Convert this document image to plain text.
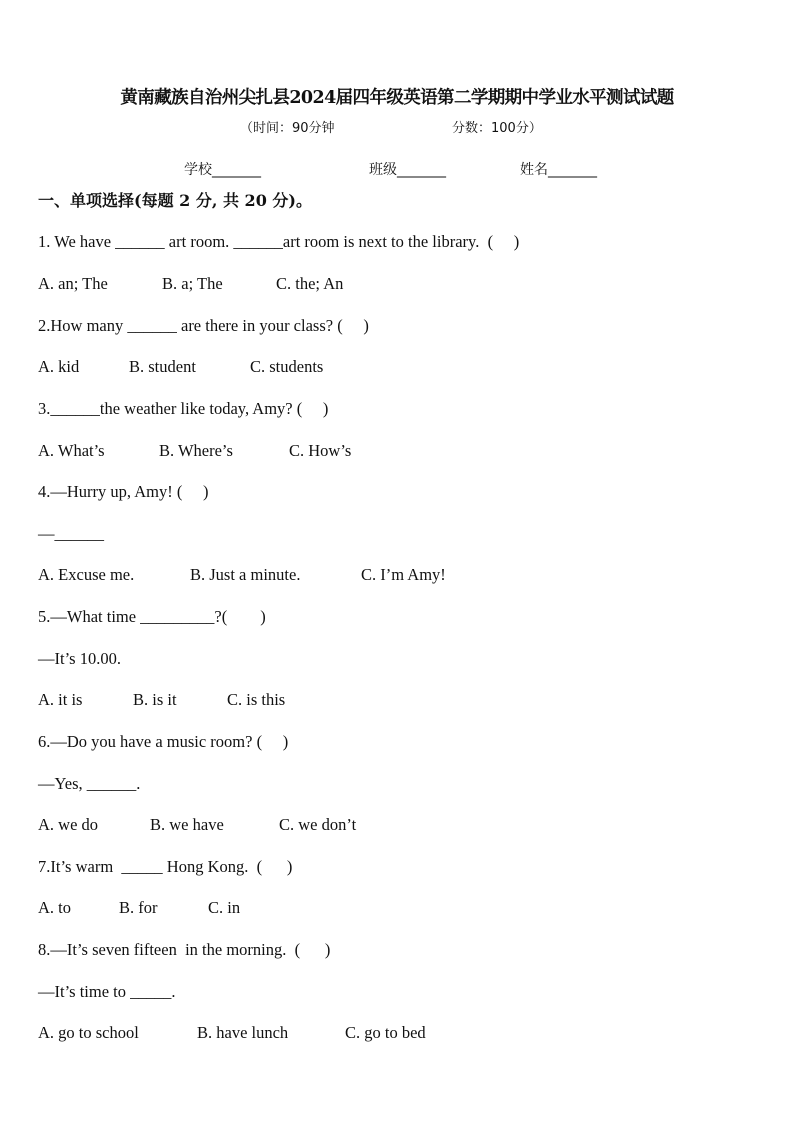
黄南藏族自治州尖扎县2024届四年级英语第二学期期中学业水平测试试题
（时间：90分钟	分数：100分）
学校_______	班级_______	姓名_______
一、单项选择(每题 2 分, 共 20 分)。
1. We have ______ art room. ______art room is next to the library.  (     )
A. an; The	B. a; The	C. the; An
2.How many ______ are there in your class? (     )
A. kid	B. student	C. students
3.______the weather like today, Amy? (     )
A. What’s	B. Where’s	C. How’s
4.—Hurry up, Amy! (     )
—______
A. Excuse me.	B. Just a minute.	C. I’m Amy!
5.—What time _________?(        )
—It’s 10.00.
A. it is	B. is it	C. is this
6.—Do you have a music room? (     )
—Yes, ______.
A. we do	B. we have	C. we don’t
7.It’s warm  _____ Hong Kong.  (      )
A. to	B. for	C. in
8.—It’s seven fifteen  in the morning.  (      )
—It’s time to _____.
A. go to school	B. have lunch	C. go to bed
